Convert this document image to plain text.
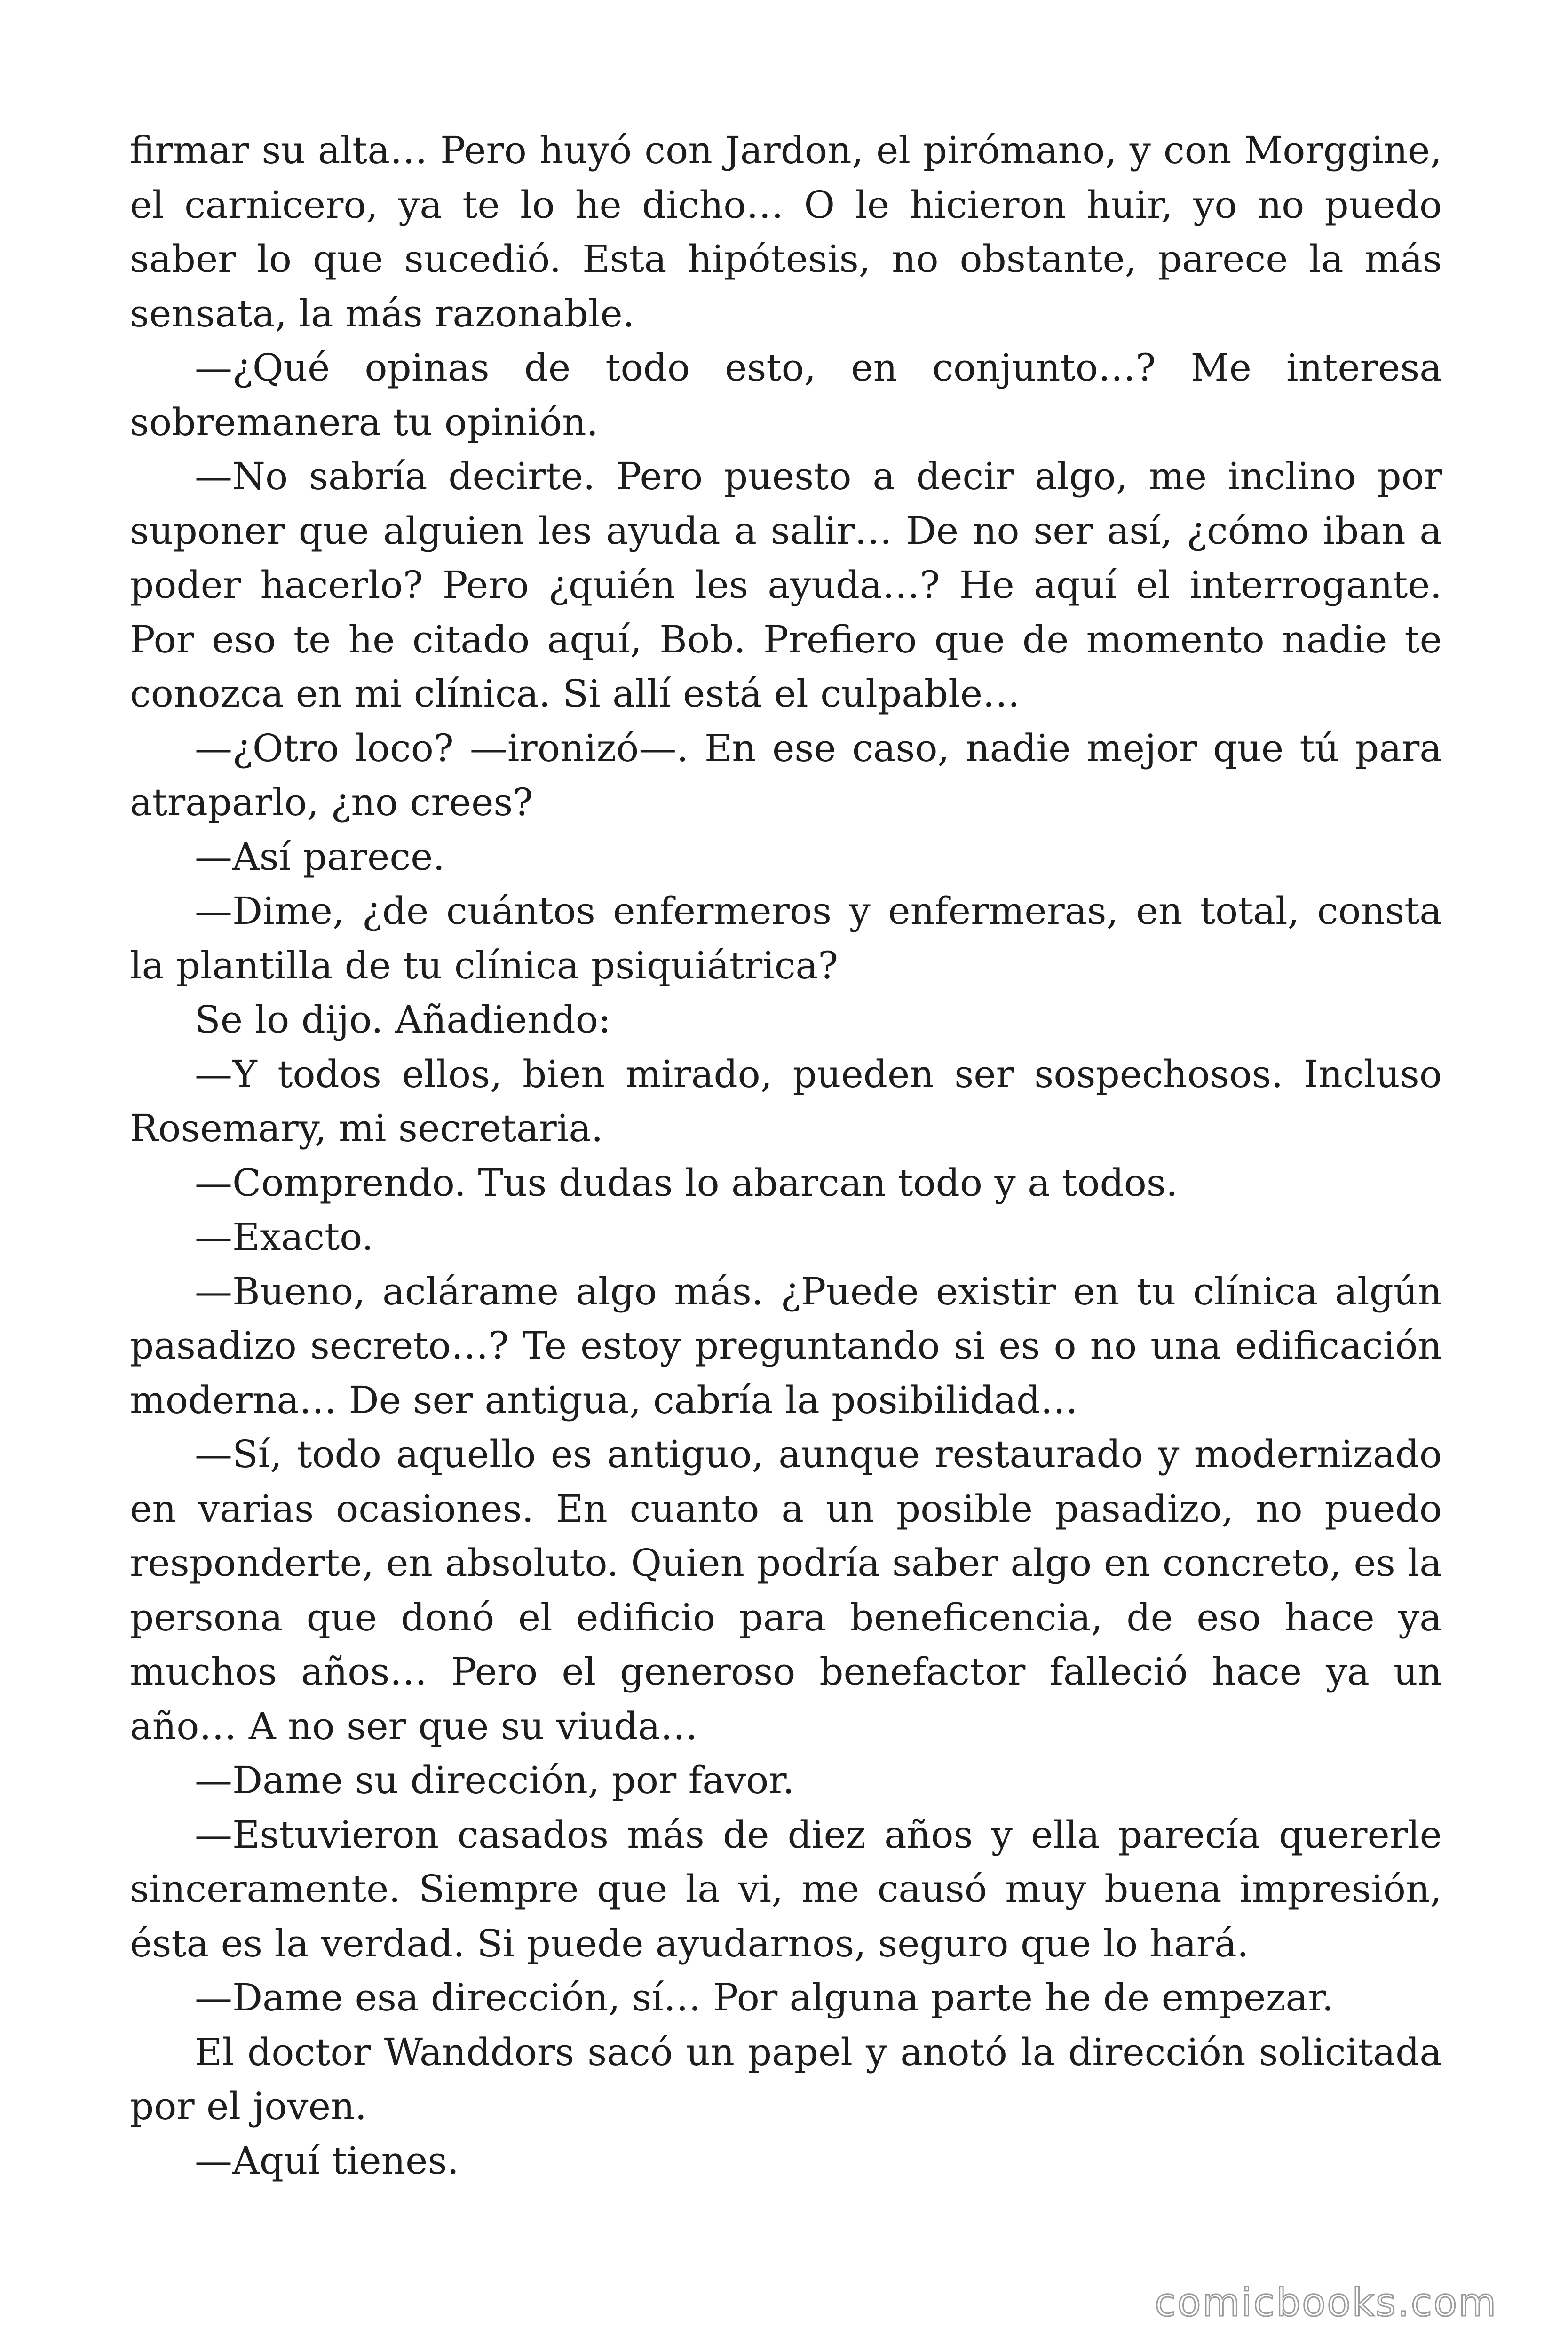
firmar su alta… Pero huyó con Jardon, el pirómano, y con Morggine, el carnicero, ya te lo he dicho… O le hicieron huir, yo no puedo saber lo que sucedió. Esta hipótesis, no obstante, parece la más sensata, la más razonable.

—¿Qué opinas de todo esto, en conjunto…? Me interesa sobremanera tu opinión.

—No sabría decirte. Pero puesto a decir algo, me inclino por suponer que alguien les ayuda a salir… De no ser así, ¿cómo iban a poder hacerlo? Pero ¿quién les ayuda…? He aquí el interrogante. Por eso te he citado aquí, Bob. Prefiero que de momento nadie te conozca en mi clínica. Si allí está el culpable…

—¿Otro loco? —ironizó—. En ese caso, nadie mejor que tú para atraparlo, ¿no crees?

—Así parece.

—Dime, ¿de cuántos enfermeros y enfermeras, en total, consta la plantilla de tu clínica psiquiátrica?

Se lo dijo. Añadiendo:

—Y todos ellos, bien mirado, pueden ser sospechosos. Incluso Rosemary, mi secretaria.

—Comprendo. Tus dudas lo abarcan todo y a todos.

—Exacto.

—Bueno, aclárame algo más. ¿Puede existir en tu clínica algún pasadizo secreto…? Te estoy preguntando si es o no una edificación moderna… De ser antigua, cabría la posibilidad…

—Sí, todo aquello es antiguo, aunque restaurado y modernizado en varias ocasiones. En cuanto a un posible pasadizo, no puedo responderte, en absoluto. Quien podría saber algo en concreto, es la persona que donó el edificio para beneficencia, de eso hace ya muchos años… Pero el generoso benefactor falleció hace ya un año… A no ser que su viuda…

—Dame su dirección, por favor.

—Estuvieron casados más de diez años y ella parecía quererle sinceramente. Siempre que la vi, me causó muy buena impresión, ésta es la verdad. Si puede ayudarnos, seguro que lo hará.

—Dame esa dirección, sí… Por alguna parte he de empezar.

El doctor Wanddors sacó un papel y anotó la dirección solicitada por el joven.

—Aquí tienes.

comicbooks.com
